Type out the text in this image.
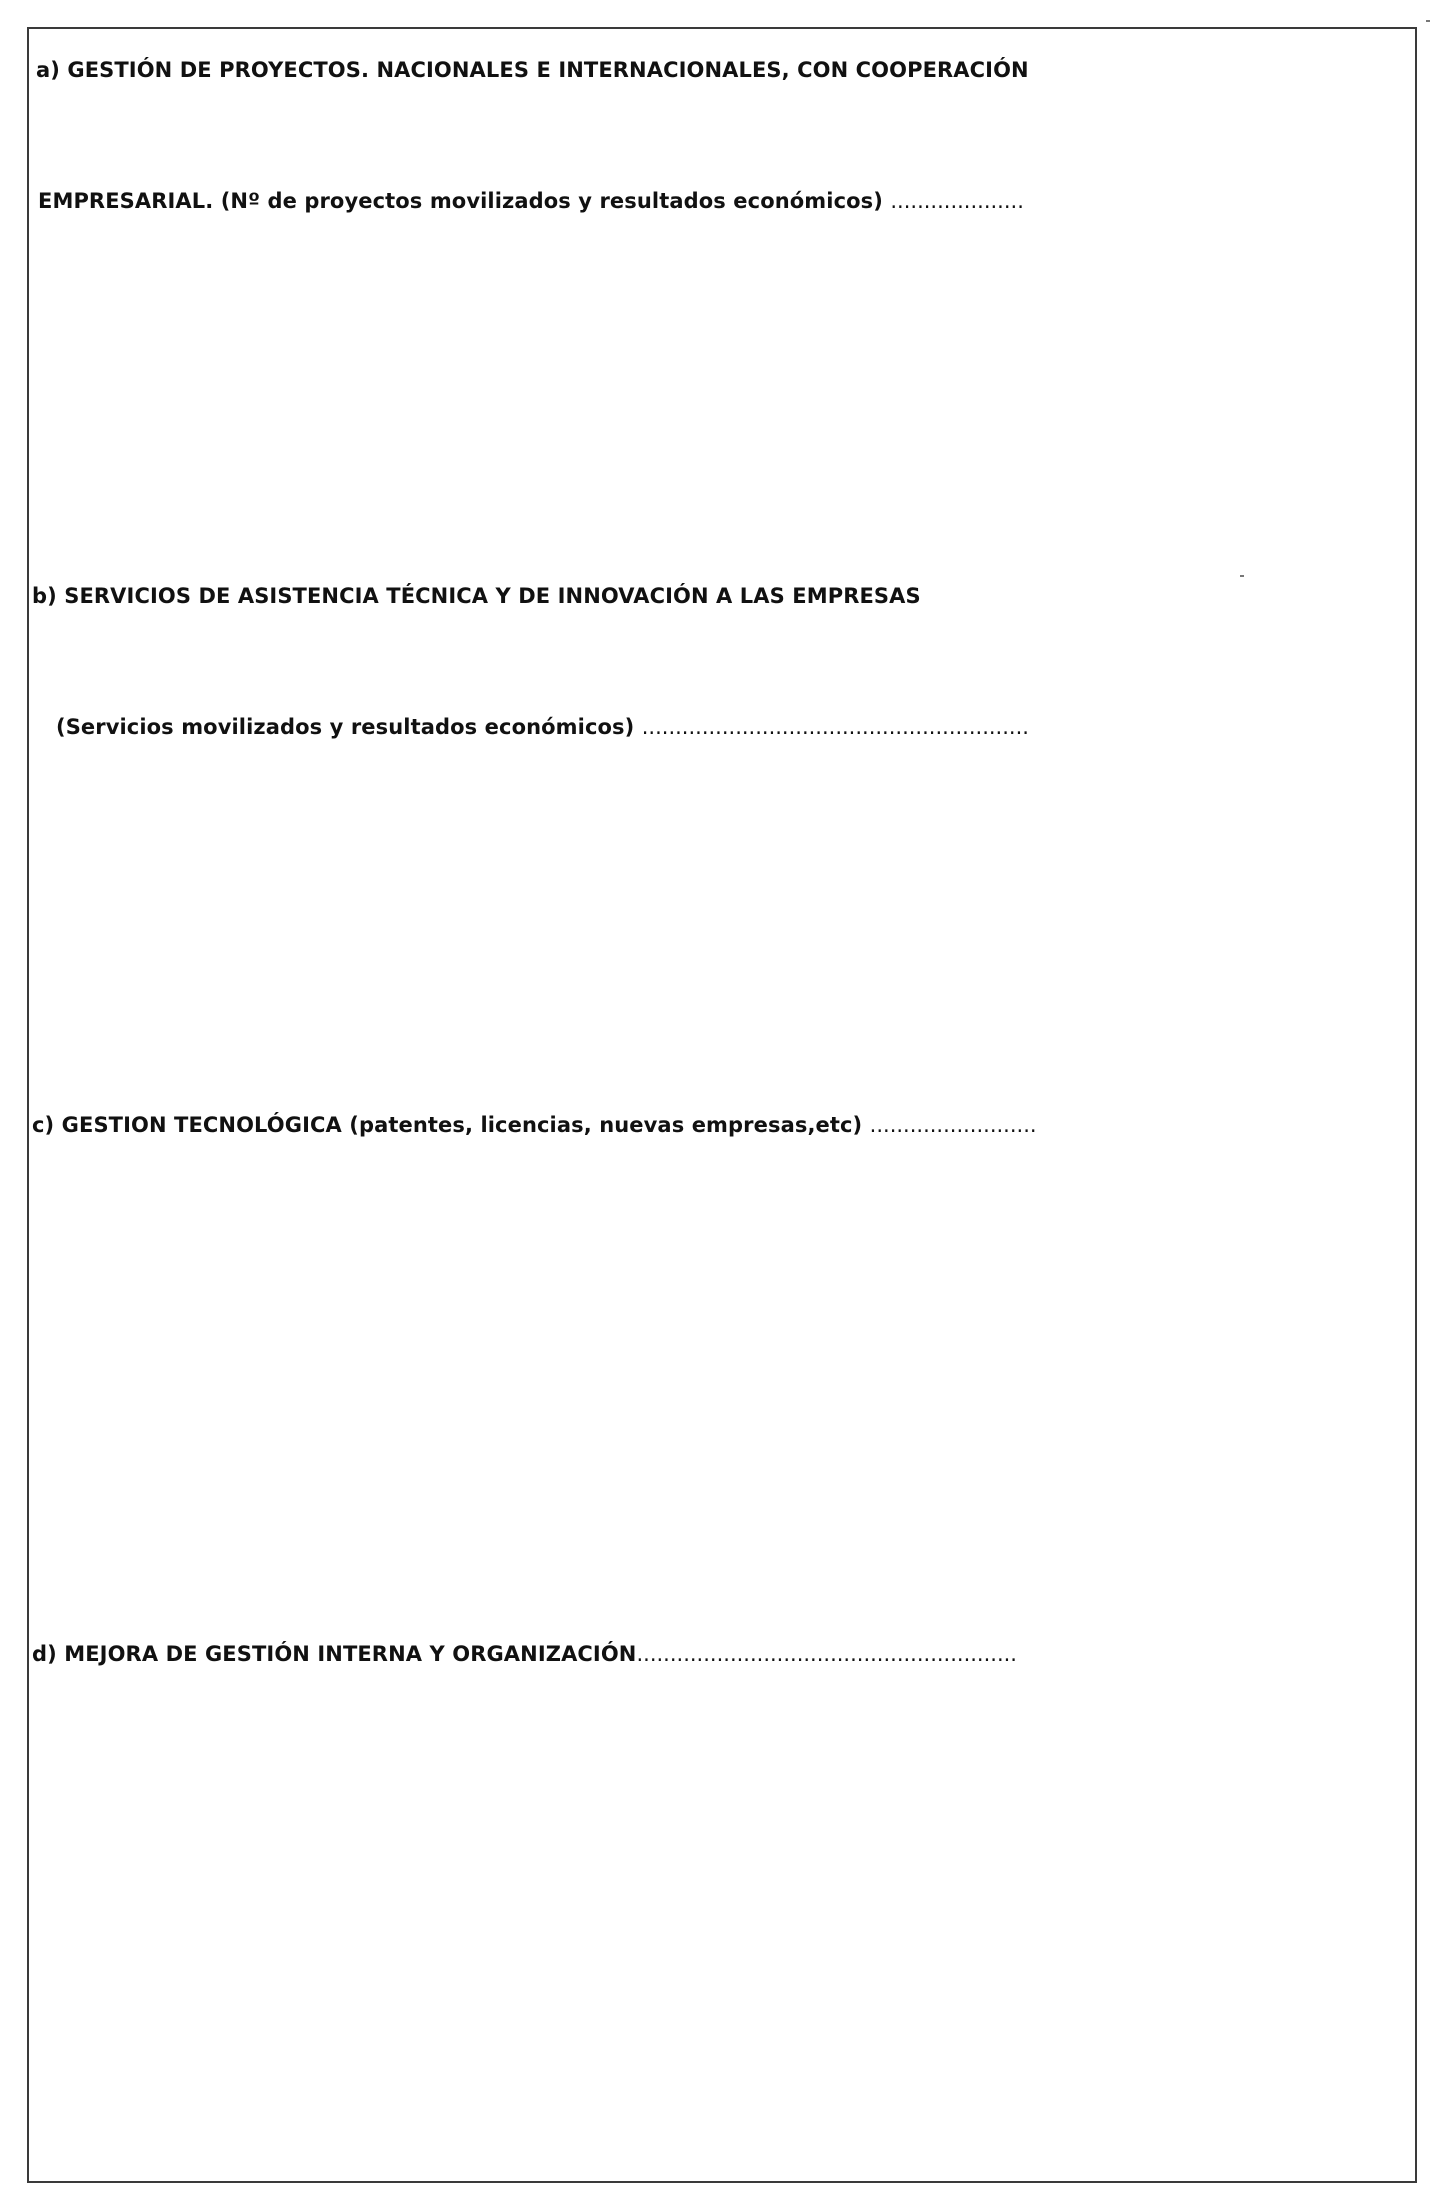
a) GESTIÓN DE PROYECTOS. NACIONALES E INTERNACIONALES, CON COOPERACIÓN
EMPRESARIAL. (Nº de proyectos movilizados y resultados económicos) ....................
b) SERVICIOS DE ASISTENCIA TÉCNICA Y DE INNOVACIÓN A LAS EMPRESAS
(Servicios movilizados y resultados económicos) ..........................................................
c) GESTION TECNOLÓGICA (patentes, licencias, nuevas empresas,etc) .........................
d) MEJORA DE GESTIÓN INTERNA Y ORGANIZACIÓN.........................................................
